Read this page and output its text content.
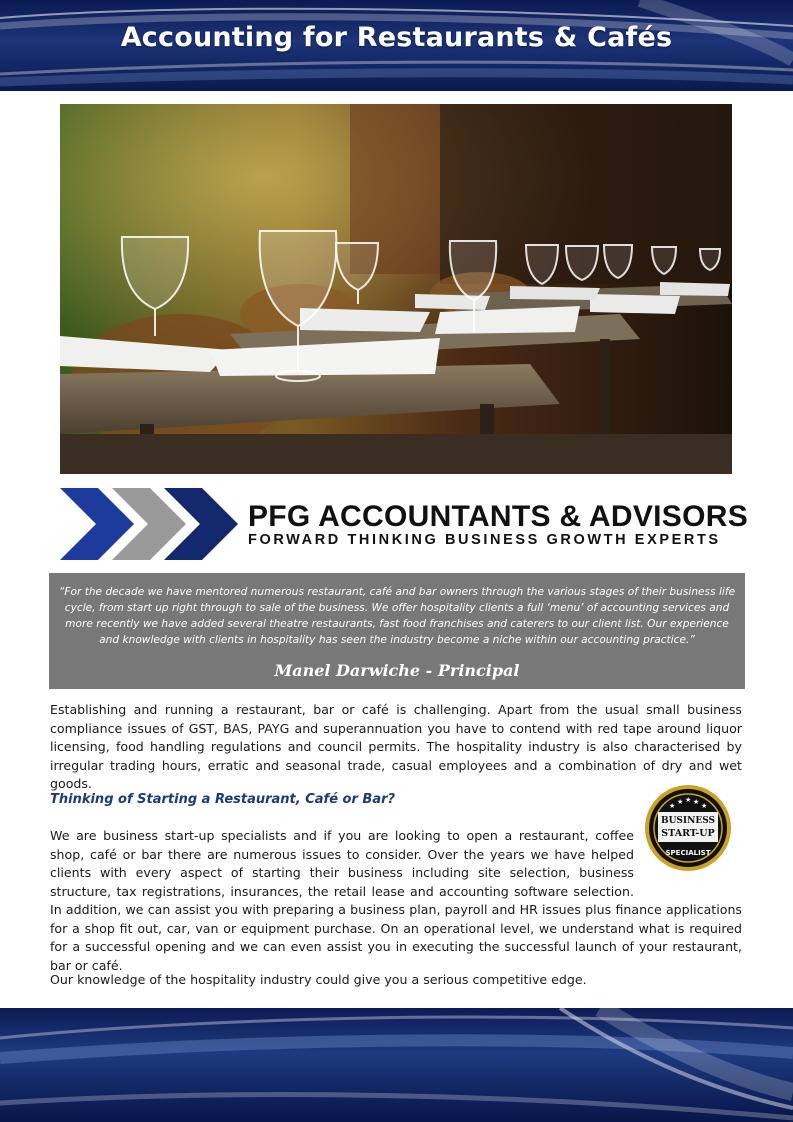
Accounting for Restaurants & Cafés
PFG ACCOUNTANTS & ADVISORS
FORWARD THINKING BUSINESS GROWTH EXPERTS

“For the decade we have mentored numerous restaurant, café and bar owners through the various stages of their business life cycle, from start up right through to sale of the business. We offer hospitality clients a full ‘menu’ of accounting services and more recently we have added several theatre restaurants, fast food franchises and caterers to our client list. Our experience and knowledge with clients in hospitality has seen the industry become a niche within our accounting practice.”

Manel Darwiche - Principal

Establishing and running a restaurant, bar or café is challenging. Apart from the usual small business compliance issues of GST, BAS, PAYG and superannuation you have to contend with red tape around liquor licensing, food handling regulations and council permits. The hospitality industry is also characterised by irregular trading hours, erratic and seasonal trade, casual employees and a combination of dry and wet goods.

Thinking of Starting a Restaurant, Café or Bar?
We are business start-up specialists and if you are looking to open a restaurant, coffee shop, café or bar there are numerous issues to consider. Over the years we have helped clients with every aspect of starting their business including site selection, business structure, tax registrations, insurances, the retail lease and accounting software selection. In addition, we can assist you with preparing a business plan, payroll and HR issues plus finance applications for a shop fit out, car, van or equipment purchase. On an operational level, we understand what is required for a successful opening and we can even assist you in executing the successful launch of your restaurant, bar or café.

Our knowledge of the hospitality industry could give you a serious competitive edge.

★ ★ ★ ★ ★
BUSINESS
START-UP
SPECIALIST
